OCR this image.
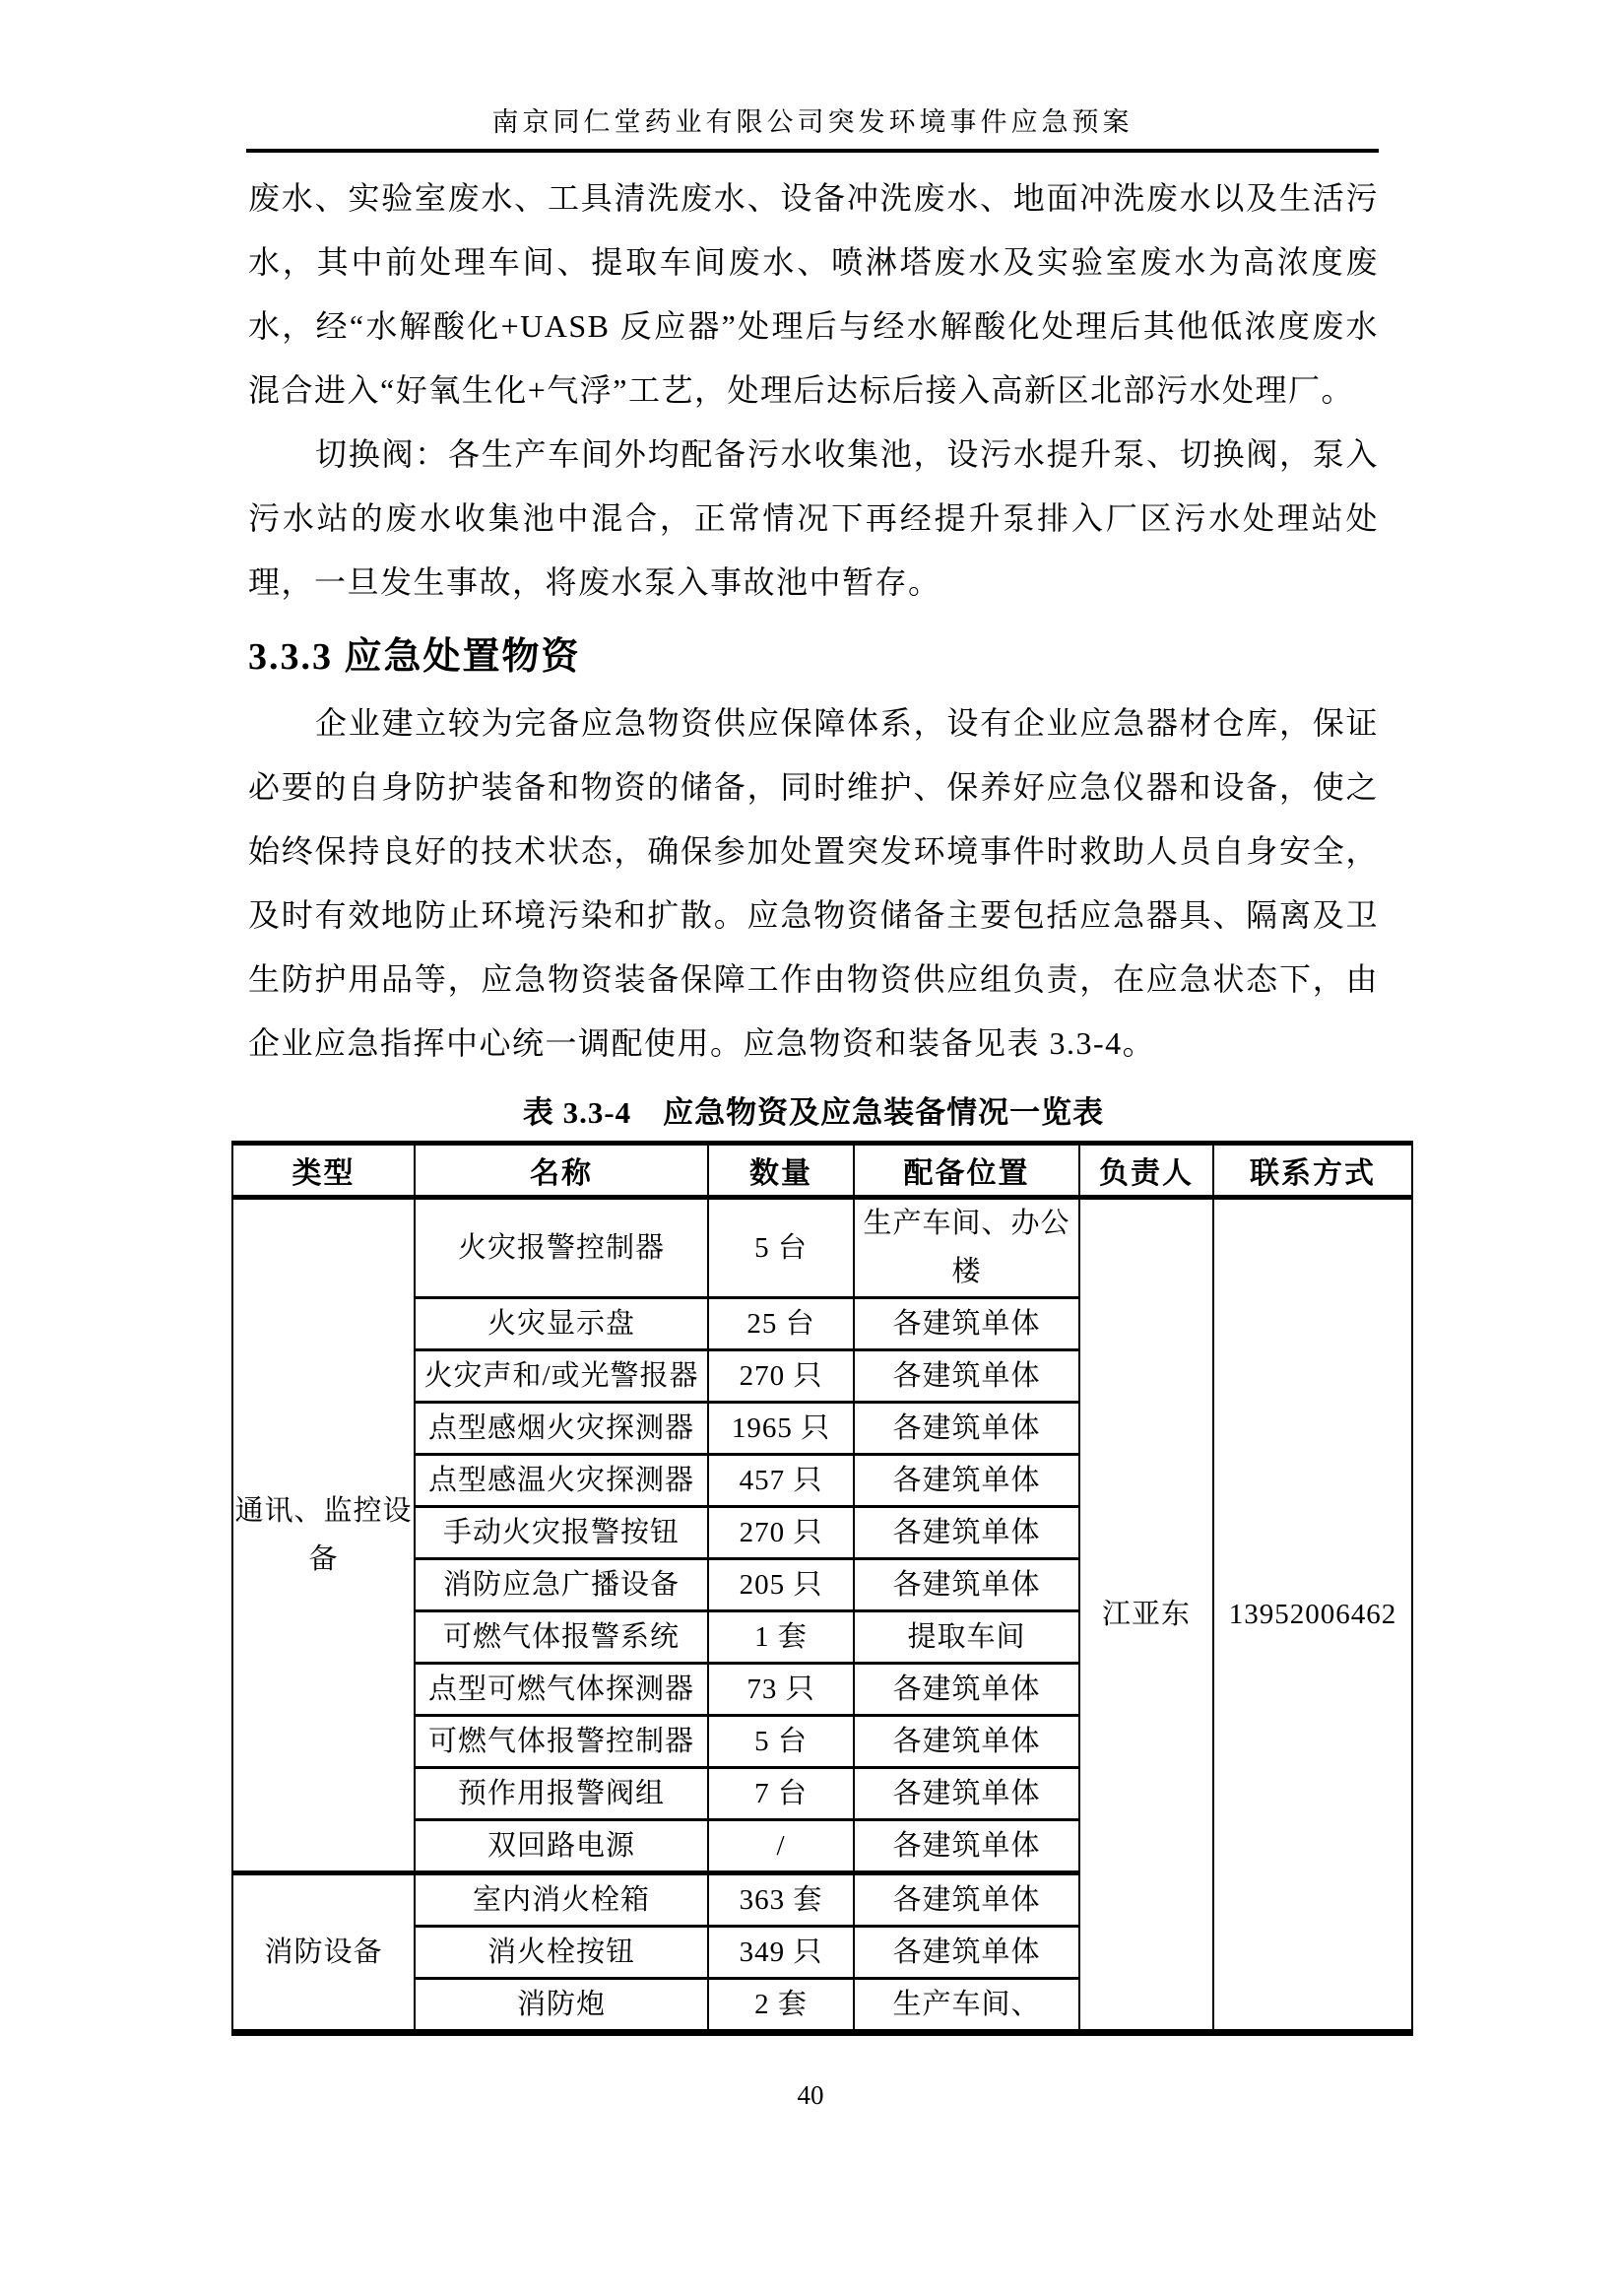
南京同仁堂药业有限公司突发环境事件应急预案

废水、实验室废水、工具清洗废水、设备冲洗废水、地面冲洗废水以及生活污水，其中前处理车间、提取车间废水、喷淋塔废水及实验室废水为高浓度废水，经“水解酸化+UASB 反应器”处理后与经水解酸化处理后其他低浓度废水混合进入“好氧生化+气浮”工艺，处理后达标后接入高新区北部污水处理厂。

切换阀：各生产车间外均配备污水收集池，设污水提升泵、切换阀，泵入污水站的废水收集池中混合，正常情况下再经提升泵排入厂区污水处理站处理，一旦发生事故，将废水泵入事故池中暂存。

3.3.3 应急处置物资

企业建立较为完备应急物资供应保障体系，设有企业应急器材仓库，保证必要的自身防护装备和物资的储备，同时维护、保养好应急仪器和设备，使之始终保持良好的技术状态，确保参加处置突发环境事件时救助人员自身安全，及时有效地防止环境污染和扩散。应急物资储备主要包括应急器具、隔离及卫生防护用品等，应急物资装备保障工作由物资供应组负责，在应急状态下，由企业应急指挥中心统一调配使用。应急物资和装备见表 3.3-4。

表 3.3-4　应急物资及应急装备情况一览表
类型	名称	数量	配备位置	负责人	联系方式
通讯、监控设备	火灾报警控制器	5 台	生产车间、办公楼	江亚东	13952006462
	火灾显示盘	25 台	各建筑单体		
	火灾声和/或光警报器	270 只	各建筑单体		
	点型感烟火灾探测器	1965 只	各建筑单体		
	点型感温火灾探测器	457 只	各建筑单体		
	手动火灾报警按钮	270 只	各建筑单体		
	消防应急广播设备	205 只	各建筑单体		
	可燃气体报警系统	1 套	提取车间		
	点型可燃气体探测器	73 只	各建筑单体		
	可燃气体报警控制器	5 台	各建筑单体		
	预作用报警阀组	7 台	各建筑单体		
	双回路电源	/	各建筑单体		
消防设备	室内消火栓箱	363 套	各建筑单体		
	消火栓按钮	349 只	各建筑单体		
	消防炮	2 套	生产车间、		
40
